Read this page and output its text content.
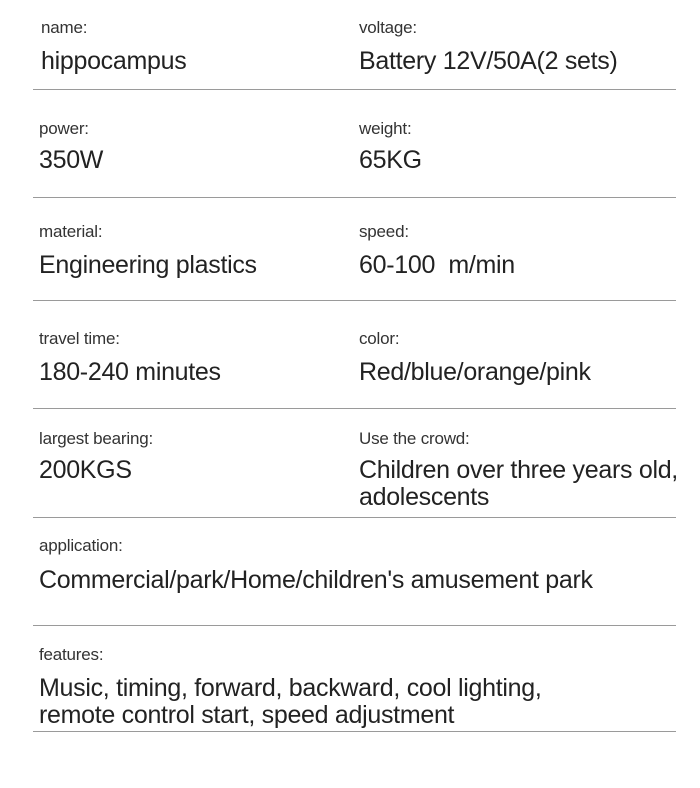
name:
hippocampus
voltage:
Battery 12V/50A(2 sets)
power:
350W
weight:
65KG
material:
Engineering plastics
speed:
60-100  m/min
travel time:
180-240 minutes
color:
Red/blue/orange/pink
largest bearing:
200KGS
Use the crowd:
Children over three years old,
adolescents
application:
Commercial/park/Home/children's amusement park
features:
Music, timing, forward, backward, cool lighting,
remote control start, speed adjustment
